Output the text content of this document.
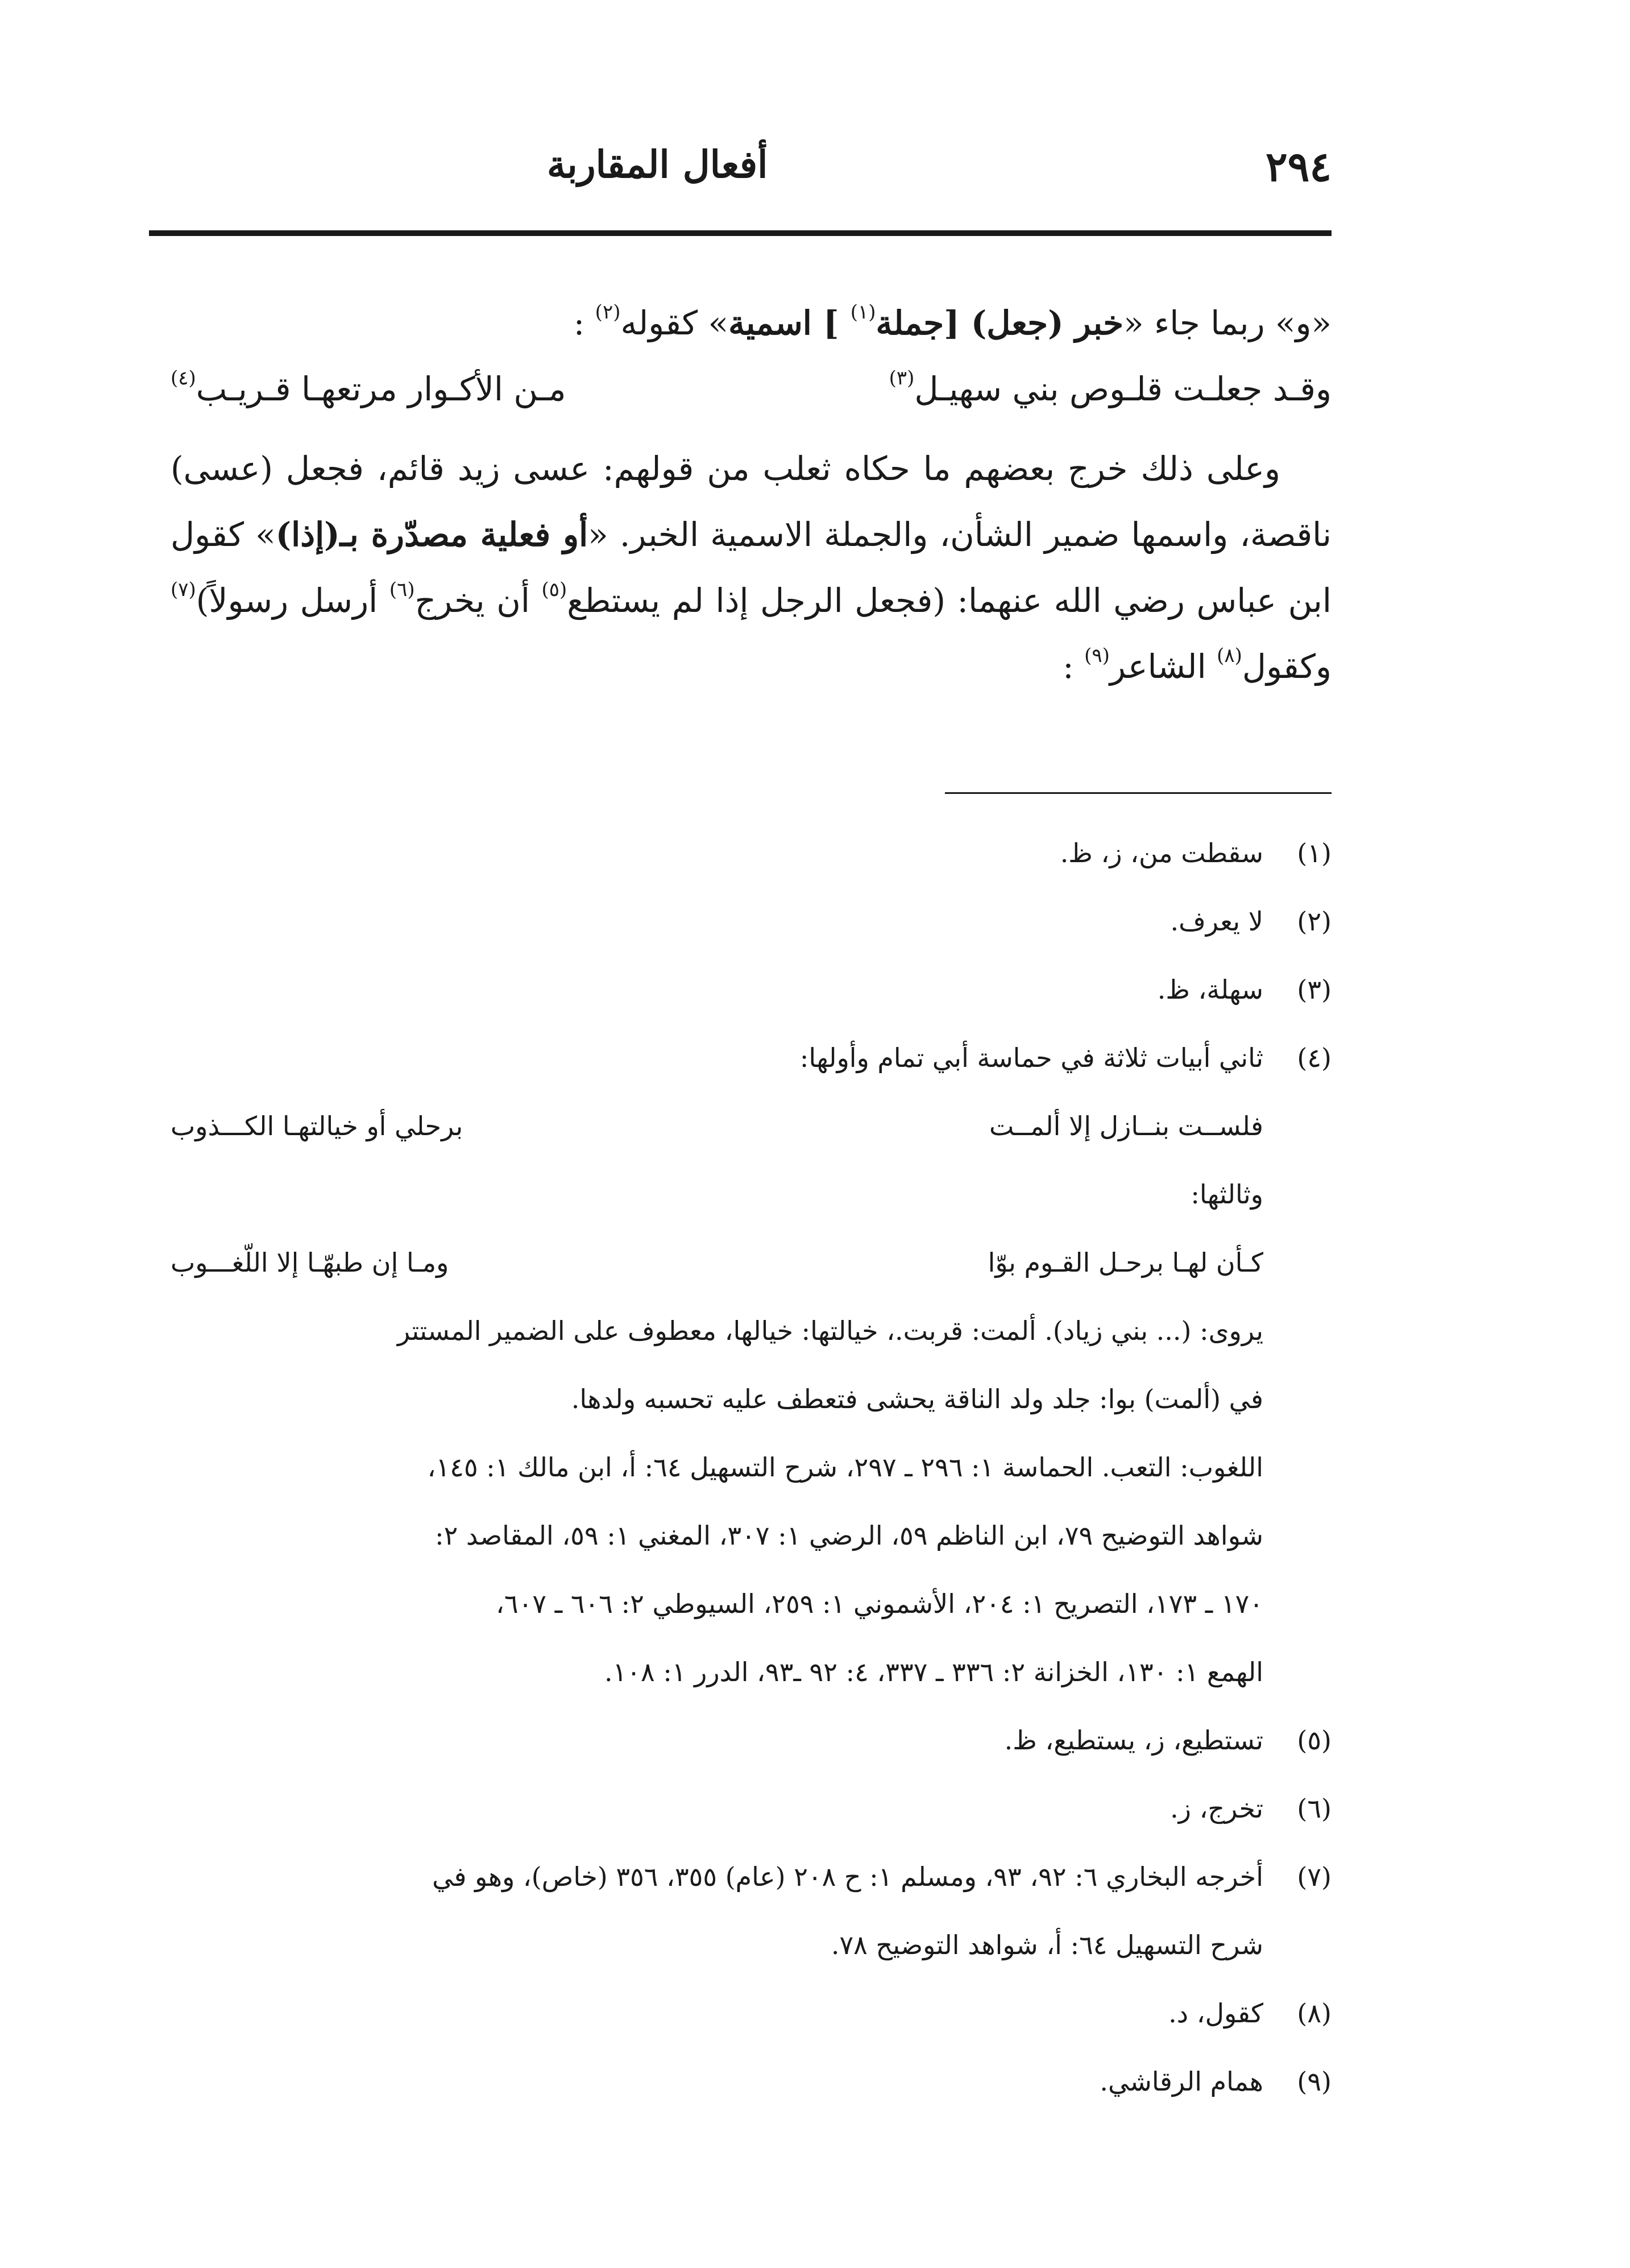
٢٩٤
أفعال المقاربة

«و» ربما جاء «خبر (جعل) [جملة$^{(١)}$ ] اسمية» كقوله$^{(٢)}$ :

وقـد جعلـت قلـوص بني سهيـل$^{(٣)}$
مـن الأكـوار مرتعهـا قـريـب$^{(٤)}$

وعلى ذلك خرج بعضهم ما حكاه ثعلب من قولهم: عسى زيد قائم، فجعل (عسى) ناقصة، واسمها ضمير الشأن، والجملة الاسمية الخبر. «أو فعلية مصدّرة بـ(إذا)» كقول ابن عباس رضي الله عنهما: (فجعل الرجل إذا لم يستطع$^{(٥)}$ أن يخرج$^{(٦)}$ أرسل رسولاً)$^{(٧)}$ وكقول$^{(٨)}$ الشاعر$^{(٩)}$ :

(١)
سقطت من، ز، ظ.
(٢)
لا يعرف.
(٣)
سهلة، ظ.
(٤)
ثاني أبيات ثلاثة في حماسة أبي تمام وأولها:
فلســت بنــازل إلا ألمــت
برحلي أو خيالتهـا الكـــذوب
وثالثها:
كـأن لهـا برحـل القـوم بوّا
ومـا إن طبهّـا إلا اللّغـــوب
يروى: (... بني زياد). ألمت: قربت.، خيالتها: خيالها، معطوف على الضمير المستتر
في (ألمت) بوا: جلد ولد الناقة يحشى فتعطف عليه تحسبه ولدها.
اللغوب: التعب. الحماسة ١: ٢٩٦ ـ ٢٩٧، شرح التسهيل ٦٤: أ، ابن مالك ١: ١٤٥،
شواهد التوضيح ٧٩، ابن الناظم ٥٩، الرضي ١: ٣٠٧، المغني ١: ٥٩، المقاصد ٢:
١٧٠ ـ ١٧٣، التصريح ١: ٢٠٤، الأشموني ١: ٢٥٩، السيوطي ٢: ٦٠٦ ـ ٦٠٧،
الهمع ١: ١٣٠، الخزانة ٢: ٣٣٦ ـ ٣٣٧، ٤: ٩٢ ـ٩٣، الدرر ١: ١٠٨.
(٥)
تستطيع، ز، يستطيع، ظ.
(٦)
تخرج، ز.
(٧)
أخرجه البخاري ٦: ٩٢، ٩٣، ومسلم ١: ح ٢٠٨ (عام) ٣٥٥، ٣٥٦ (خاص)، وهو في
شرح التسهيل ٦٤: أ، شواهد التوضيح ٧٨.
(٨)
كقول، د.
(٩)
همام الرقاشي.
